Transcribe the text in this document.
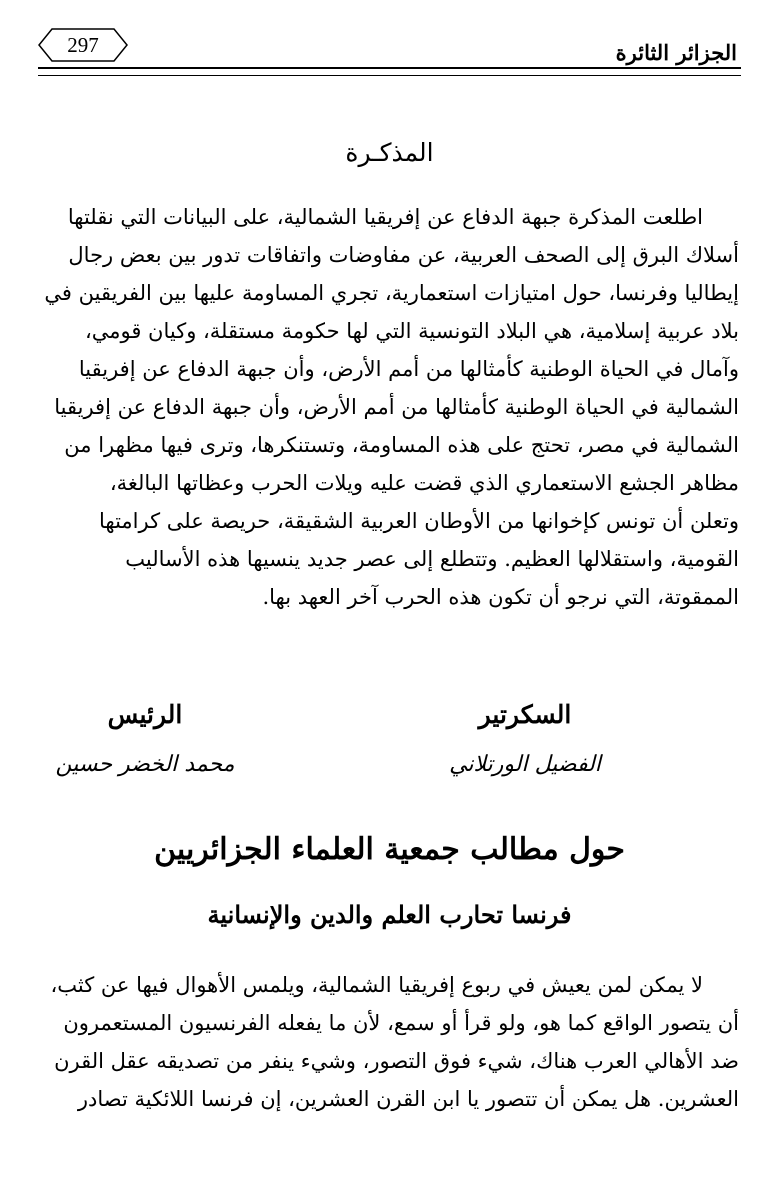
الجزائر الثائرة
297
المذكـرة
اطلعت المذكرة جبهة الدفاع عن إفريقيا الشمالية، على البيانات التي نقلتها
أسلاك البرق إلى الصحف العربية، عن مفاوضات واتفاقات تدور بين بعض رجال
إيطاليا وفرنسا، حول امتيازات استعمارية، تجري المساومة عليها بين الفريقين في
بلاد عربية إسلامية، هي البلاد التونسية التي لها حكومة مستقلة، وكيان قومي،
وآمال في الحياة الوطنية كأمثالها من أمم الأرض، وأن جبهة الدفاع عن إفريقيا
الشمالية في الحياة الوطنية كأمثالها من أمم الأرض، وأن جبهة الدفاع عن إفريقيا
الشمالية في مصر، تحتج على هذه المساومة، وتستنكرها، وترى فيها مظهرا من
مظاهر الجشع الاستعماري الذي قضت عليه ويلات الحرب وعظاتها البالغة،
وتعلن أن تونس كإخوانها من الأوطان العربية الشقيقة، حريصة على كرامتها
القومية، واستقلالها العظيم. وتتطلع إلى عصر جديد ينسيها هذه الأساليب
الممقوتة، التي نرجو أن تكون هذه الحرب آخر العهد بها.
السكرتير
الفضيل الورتلاني
الرئيس
محمد الخضر حسين
حول مطالب جمعية العلماء الجزائريين
فرنسا تحارب العلم والدين والإنسانية
لا يمكن لمن يعيش في ربوع إفريقيا الشمالية، ويلمس الأهوال فيها عن كثب،
أن يتصور الواقع كما هو، ولو قرأ أو سمع، لأن ما يفعله الفرنسيون المستعمرون
ضد الأهالي العرب هناك، شيء فوق التصور، وشيء ينفر من تصديقه عقل القرن
العشرين. هل يمكن أن تتصور يا ابن القرن العشرين، إن فرنسا اللائكية تصادر
